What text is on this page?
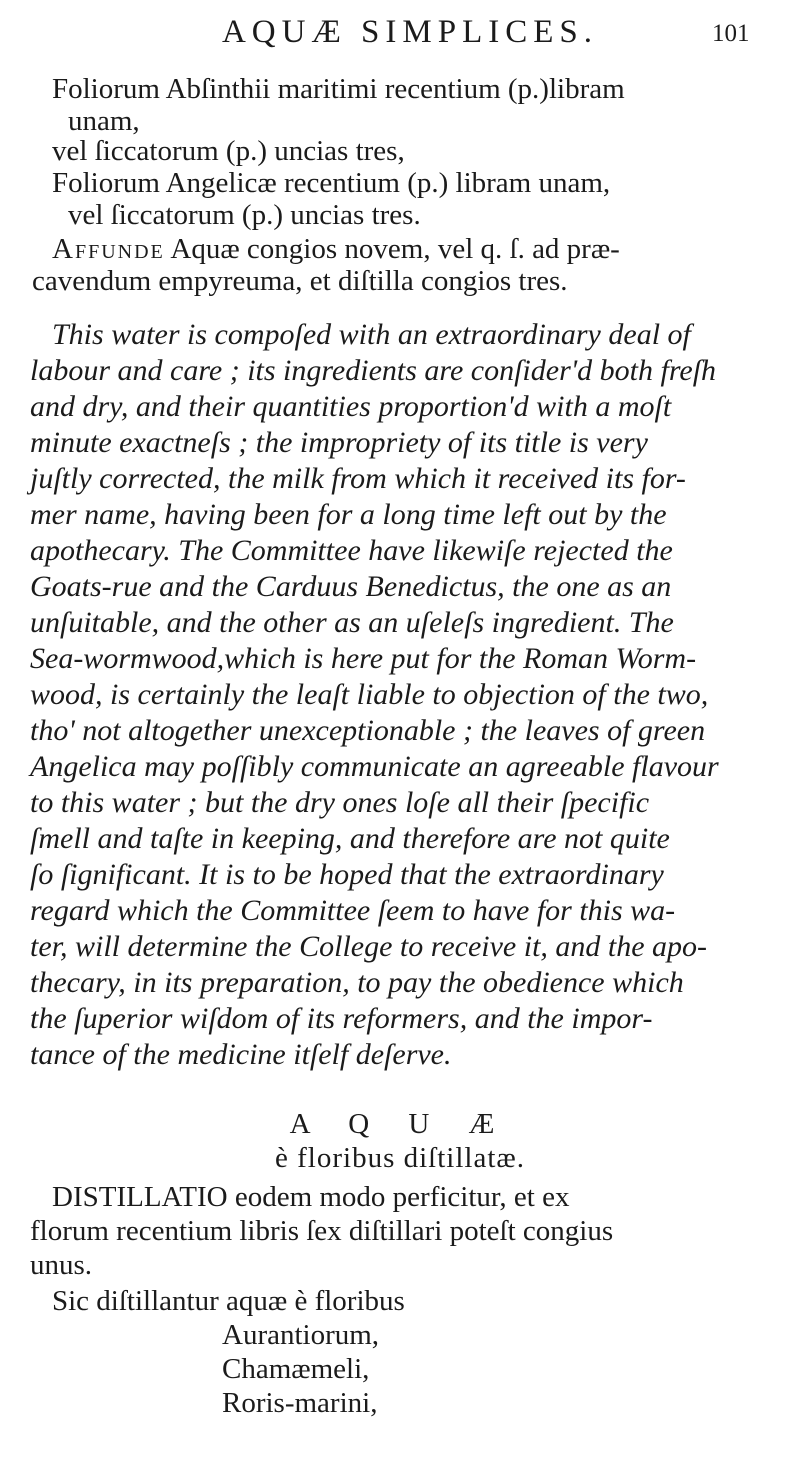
AQUÆ SIMPLICES.	101
Foliorum Abſinthii maritimi recentium (p.)libram
unam,
vel ſiccatorum (p.) uncias tres,
Foliorum Angelicæ recentium (p.) libram unam,
vel ſiccatorum (p.) uncias tres.
Affunde Aquæ congios novem, vel q. ſ. ad præ-
cavendum empyreuma, et diſtilla congios tres.
This water is compoſed with an extraordinary deal of
labour and care ; its ingredients are conſider'd both freſh
and dry, and their quantities proportion'd with a moſt
minute exactneſs ; the impropriety of its title is very
juſtly corrected, the milk from which it received its for-
mer name, having been for a long time left out by the
apothecary. The Committee have likewiſe rejected the
Goats-rue and the Carduus Benedictus, the one as an
unſuitable, and the other as an uſeleſs ingredient. The
Sea-wormwood,which is here put for the Roman Worm-
wood, is certainly the leaſt liable to objection of the two,
tho' not altogether unexceptionable ; the leaves of green
Angelica may poſſibly communicate an agreeable flavour
to this water ; but the dry ones loſe all their ſpecific
ſmell and taſte in keeping, and therefore are not quite
ſo ſignificant. It is to be hoped that the extraordinary
regard which the Committee ſeem to have for this wa-
ter, will determine the College to receive it, and the apo-
thecary, in its preparation, to pay the obedience which
the ſuperior wiſdom of its reformers, and the impor-
tance of the medicine itſelf deſerve.
A Q U Æ
è floribus diſtillatæ.
DISTILLATIO eodem modo perficitur, et ex
florum recentium libris ſex diſtillari poteſt congius
unus.
Sic diſtillantur aquæ è floribus
Aurantiorum,
Chamæmeli,
Roris-marini,
